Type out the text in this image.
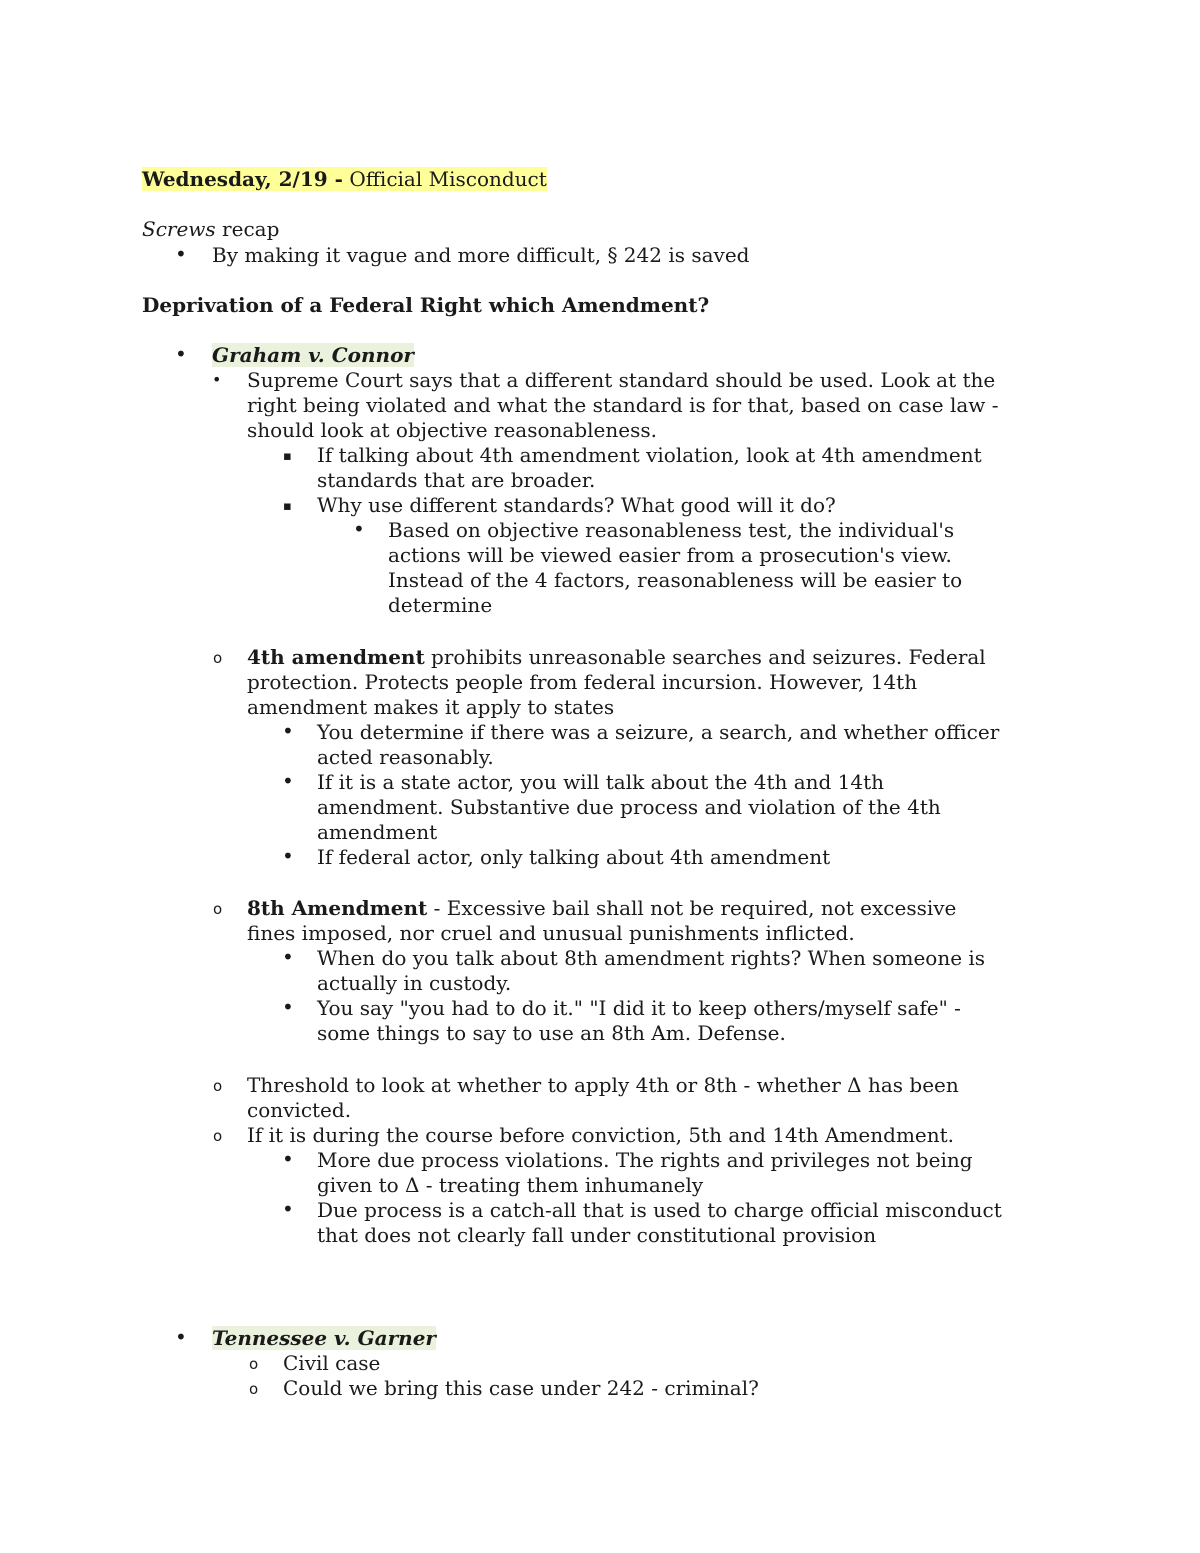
Wednesday, 2/19 - Official Misconduct
Screws recap
• By making it vague and more difficult, § 242 is saved
Deprivation of a Federal Right which Amendment?
• Graham v. Connor
• Supreme Court says that a different standard should be used. Look at the
right being violated and what the standard is for that, based on case law -
should look at objective reasonableness.
▪ If talking about 4th amendment violation, look at 4th amendment
standards that are broader.
▪ Why use different standards? What good will it do?
• Based on objective reasonableness test, the individual's
actions will be viewed easier from a prosecution's view.
Instead of the 4 factors, reasonableness will be easier to
determine
o 4th amendment prohibits unreasonable searches and seizures. Federal
protection. Protects people from federal incursion. However, 14th
amendment makes it apply to states
• You determine if there was a seizure, a search, and whether officer
acted reasonably.
• If it is a state actor, you will talk about the 4th and 14th
amendment. Substantive due process and violation of the 4th
amendment
• If federal actor, only talking about 4th amendment
o 8th Amendment - Excessive bail shall not be required, not excessive
fines imposed, nor cruel and unusual punishments inflicted.
• When do you talk about 8th amendment rights? When someone is
actually in custody.
• You say "you had to do it." "I did it to keep others/myself safe" -
some things to say to use an 8th Am. Defense.
o Threshold to look at whether to apply 4th or 8th - whether Δ has been
convicted.
o If it is during the course before conviction, 5th and 14th Amendment.
• More due process violations. The rights and privileges not being
given to Δ - treating them inhumanely
• Due process is a catch-all that is used to charge official misconduct
that does not clearly fall under constitutional provision
• Tennessee v. Garner
o Civil case
o Could we bring this case under 242 - criminal?
